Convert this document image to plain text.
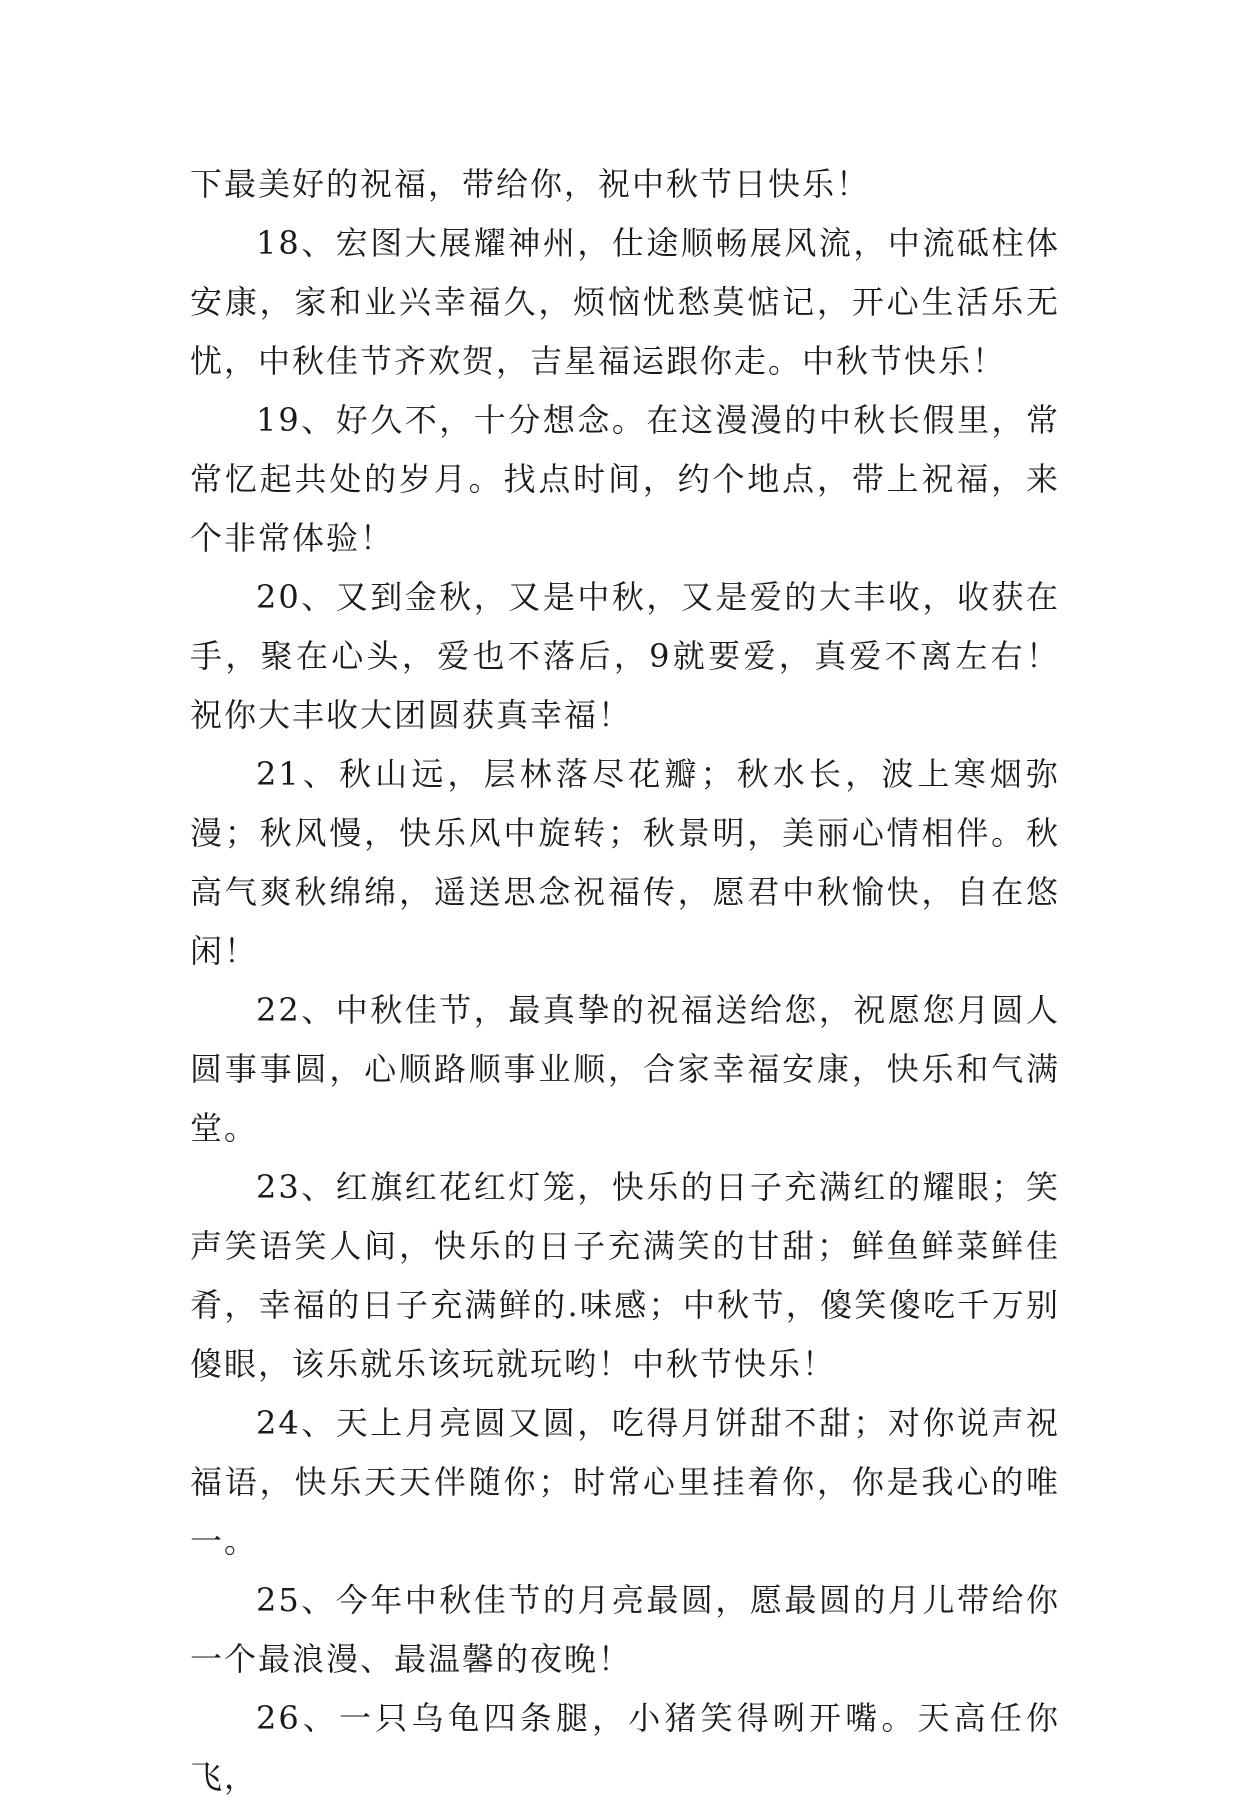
下最美好的祝福，带给你，祝中秋节日快乐！

18、宏图大展耀神州，仕途顺畅展风流，中流砥柱体安康，家和业兴幸福久，烦恼忧愁莫惦记，开心生活乐无忧，中秋佳节齐欢贺，吉星福运跟你走。中秋节快乐！

19、好久不，十分想念。在这漫漫的中秋长假里，常常忆起共处的岁月。找点时间，约个地点，带上祝福，来个非常体验！

20、又到金秋，又是中秋，又是爱的大丰收，收获在手，聚在心头，爱也不落后，9就要爱，真爱不离左右！祝你大丰收大团圆获真幸福！

21、秋山远，层林落尽花瓣；秋水长，波上寒烟弥漫；秋风慢，快乐风中旋转；秋景明，美丽心情相伴。秋高气爽秋绵绵，遥送思念祝福传，愿君中秋愉快，自在悠闲！

22、中秋佳节，最真挚的祝福送给您，祝愿您月圆人圆事事圆，心顺路顺事业顺，合家幸福安康，快乐和气满堂。

23、红旗红花红灯笼，快乐的日子充满红的耀眼；笑声笑语笑人间，快乐的日子充满笑的甘甜；鲜鱼鲜菜鲜佳肴，幸福的日子充满鲜的.味感；中秋节，傻笑傻吃千万别傻眼，该乐就乐该玩就玩哟！中秋节快乐！

24、天上月亮圆又圆，吃得月饼甜不甜；对你说声祝福语，快乐天天伴随你；时常心里挂着你，你是我心的唯一。

25、今年中秋佳节的月亮最圆，愿最圆的月儿带给你一个最浪漫、最温馨的夜晚！

26、一只乌龟四条腿，小猪笑得咧开嘴。天高任你飞，
